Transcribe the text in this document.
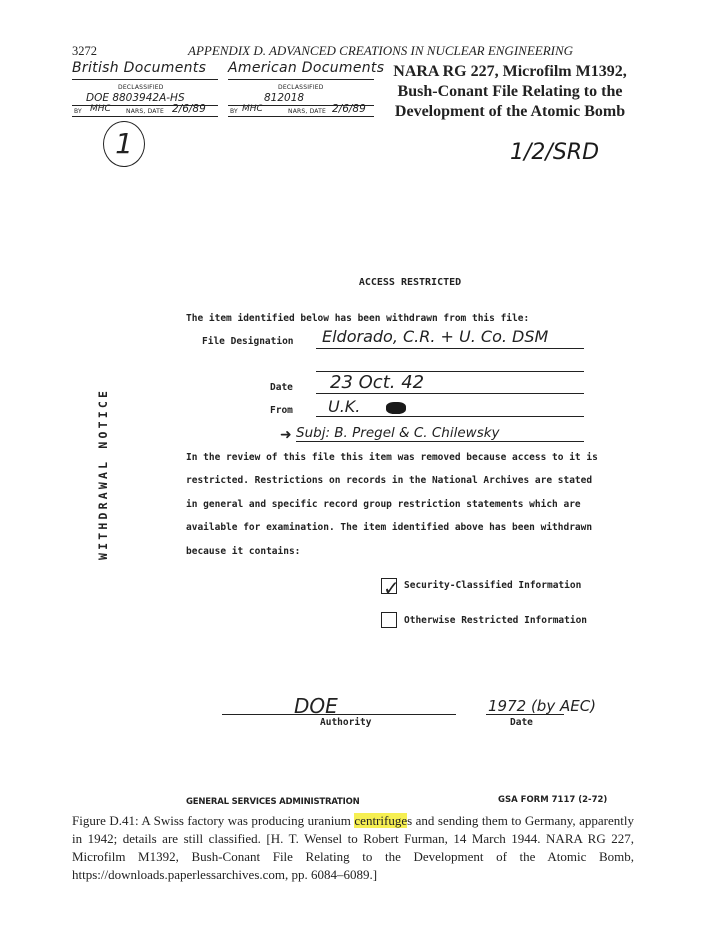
3272	APPENDIX D. ADVANCED CREATIONS IN NUCLEAR ENGINEERING
British Documents
DECLASSIFIED
DOE 8803942A-HS
BY MHC	NARS, DATE 2/6/89
American Documents
DECLASSIFIED
812018
BY MHC	NARS, DATE 2/6/89
NARA RG 227, Microfilm M1392,
Bush-Conant File Relating to the
Development of the Atomic Bomb
1	1/2/SRD
ACCESS RESTRICTED
WITHDRAWAL NOTICE
The item identified below has been withdrawn from this file:
File Designation Eldorado, C.R. + U. Co. DSM
Date 23 Oct. 42
From U.K.
➜ Subj: B. Pregel & C. Chilewsky
In the review of this file this item was removed because access to it is
restricted. Restrictions on records in the National Archives are stated
in general and specific record group restriction statements which are
available for examination. The item identified above has been withdrawn
because it contains:
✓ Security-Classified Information
Otherwise Restricted Information
DOE
Authority
1972 (by AEC)
Date
GENERAL SERVICES ADMINISTRATION	GSA FORM 7117 (2-72)
Figure D.41: A Swiss factory was producing uranium centrifuges and sending them to Germany, apparently in 1942; details are still classified. [H. T. Wensel to Robert Furman, 14 March 1944. NARA RG 227, Microfilm M1392, Bush-Conant File Relating to the Development of the Atomic Bomb, https://downloads.paperlessarchives.com, pp. 6084–6089.]
